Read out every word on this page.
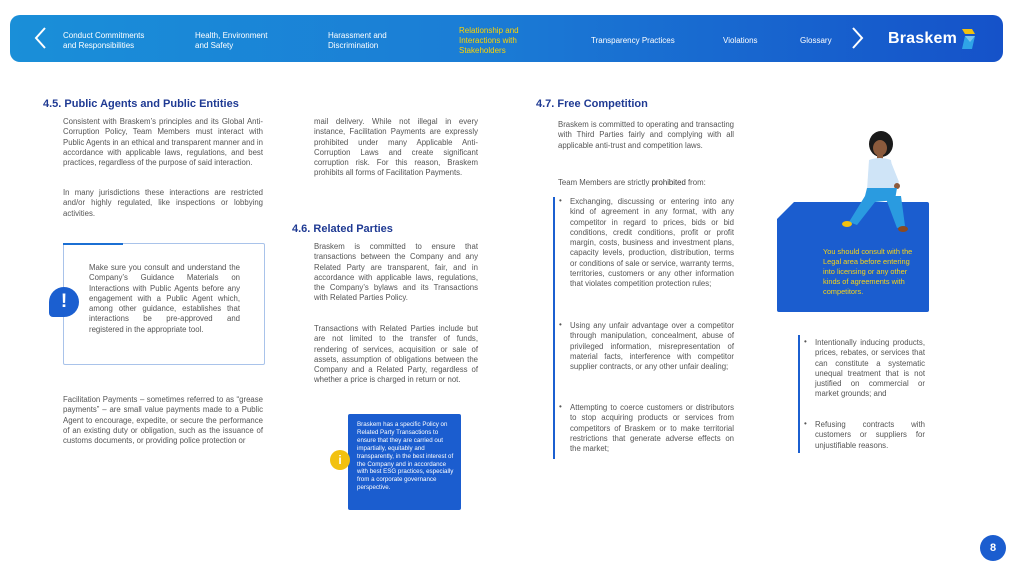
Conduct Commitments
and Responsibilities
Health, Environment
and Safety
Harassment and
Discrimination
Relationship and
Interactions with
Stakeholders
Transparency Practices	Violations	Glossary	Braskem
4.5. Public Agents and Public Entities
Consistent with Braskem’s principles and its Global Anti-Corruption Policy, Team Members must interact with Public Agents in an ethical and transparent manner and in accordance with applicable laws, regulations, and best practices, regardless of the purpose of said interaction.
In many jurisdictions these interactions are restricted and/or highly regulated, like inspections or lobbying activities.
!
Make sure you consult and understand the Company’s Guidance Materials on Interactions with Public Agents before any engagement with a Public Agent which, among other guidance, establishes that interactions be pre-approved and registered in the appropriate tool.
Facilitation Payments – sometimes referred to as “grease payments” – are small value payments made to a Public Agent to encourage, expedite, or secure the performance of an existing duty or obligation, such as the issuance of customs documents, or providing police protection or
mail delivery. While not illegal in every instance, Facilitation Payments are expressly prohibited under many Applicable Anti-Corruption Laws and create significant corruption risk. For this reason, Braskem prohibits all forms of Facilitation Payments.
4.6. Related Parties
Braskem is committed to ensure that transactions between the Company and any Related Party are transparent, fair, and in accordance with applicable laws, regulations, the Company’s bylaws and its Transactions with Related Parties Policy.
Transactions with Related Parties include but are not limited to the transfer of funds, rendering of services, acquisition or sale of assets, assumption of obligations between the Company and a Related Party, regardless of whether a price is charged in return or not.
Braskem has a specific Policy on Related Party Transactions to ensure that they are carried out impartially, equitably and transparently, in the best interest of the Company and in accordance with best ESG practices, especially from a corporate governance perspective.
i
4.7. Free Competition
Braskem is committed to operating and transacting with Third Parties fairly and complying with all applicable anti-trust and competition laws.
Team Members are strictly prohibited from:
• Exchanging, discussing or entering into any kind of agreement in any format, with any competitor in regard to prices, bids or bid conditions, credit conditions, profit or profit margin, costs, business and investment plans, capacity levels, production, distribution, terms or conditions of sale or service, warranty terms, territories, customers or any other information that violates competition protection rules;
• Using any unfair advantage over a competitor through manipulation, concealment, abuse of privileged information, misrepresentation of material facts, interference with competitor supplier contracts, or any other unfair dealing;
• Attempting to coerce customers or distributors to stop acquiring products or services from competitors of Braskem or to make territorial restrictions that generate adverse effects on the market;
You should consult with the Legal area before entering into licensing or any other kinds of agreements with competitors.
• Intentionally inducing products, prices, rebates, or services that can constitute a systematic unequal treatment that is not justified on commercial or market grounds; and
• Refusing contracts with customers or suppliers for unjustifiable reasons.
8
